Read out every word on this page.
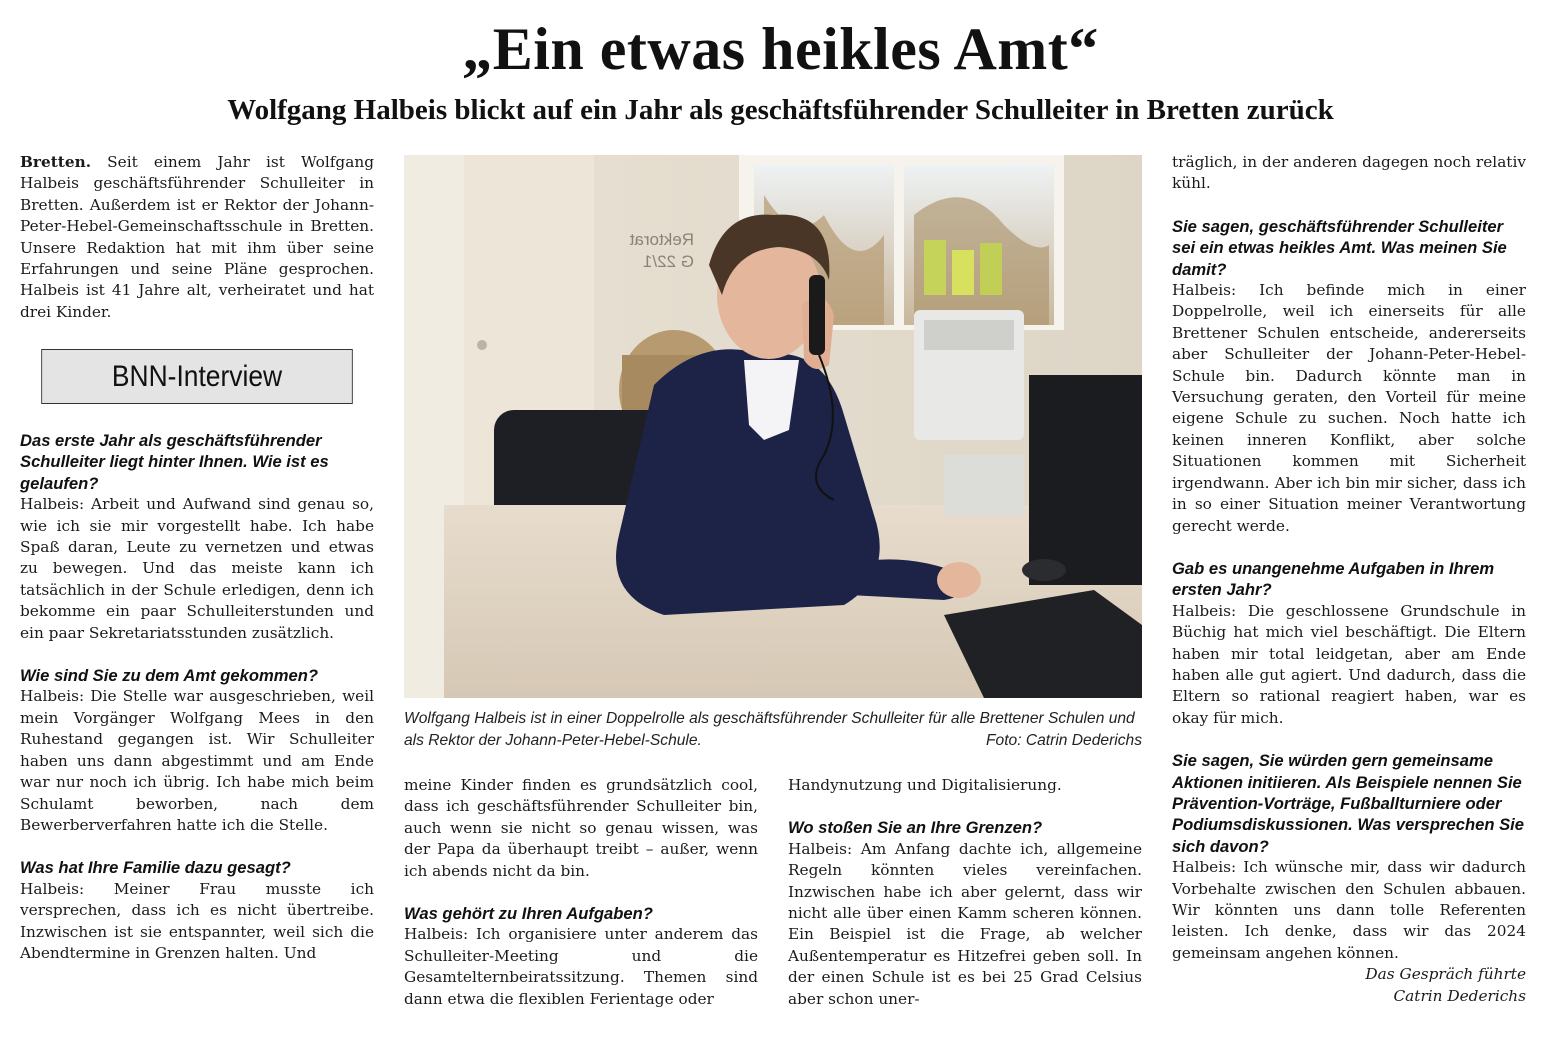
„Ein etwas heikles Amt“
Wolfgang Halbeis blickt auf ein Jahr als geschäftsführender Schulleiter in Bretten zurück

Bretten. Seit einem Jahr ist Wolfgang Halbeis geschäftsführender Schulleiter in Bretten. Außerdem ist er Rektor der Johann-Peter-Hebel-Gemeinschaftsschule in Bretten. Unsere Redaktion hat mit ihm über seine Erfahrungen und seine Pläne gesprochen. Halbeis ist 41 Jahre alt, verheiratet und hat drei Kinder.

BNN-Interview

Das erste Jahr als geschäftsführender Schulleiter liegt hinter Ihnen. Wie ist es gelaufen?

Halbeis: Arbeit und Aufwand sind genau so, wie ich sie mir vorgestellt habe. Ich habe Spaß daran, Leute zu vernetzen und etwas zu bewegen. Und das meiste kann ich tatsächlich in der Schule erledigen, denn ich bekomme ein paar Schulleiterstunden und ein paar Sekretariatsstunden zusätzlich.

Wie sind Sie zu dem Amt gekommen?

Halbeis: Die Stelle war ausgeschrieben, weil mein Vorgänger Wolfgang Mees in den Ruhestand gegangen ist. Wir Schulleiter haben uns dann abgestimmt und am Ende war nur noch ich übrig. Ich habe mich beim Schulamt beworben, nach dem Bewerberverfahren hatte ich die Stelle.

Was hat Ihre Familie dazu gesagt?

Halbeis: Meiner Frau musste ich versprechen, dass ich es nicht übertreibe. Inzwischen ist sie entspannter, weil sich die Abendtermine in Grenzen halten. Und

Rektorat
G 22/1
Wolfgang Halbeis ist in einer Doppelrolle als geschäftsführender Schulleiter für alle Brettener Schulen und als Rektor der Johann-Peter-Hebel-Schule.	Foto: Catrin Dederichs

meine Kinder finden es grundsätzlich cool, dass ich geschäftsführender Schulleiter bin, auch wenn sie nicht so genau wissen, was der Papa da überhaupt treibt – außer, wenn ich abends nicht da bin.

Was gehört zu Ihren Aufgaben?

Halbeis: Ich organisiere unter anderem das Schulleiter-Meeting und die Gesamtelternbeiratssitzung. Themen sind dann etwa die flexiblen Ferientage oder

Handynutzung und Digitalisierung.

Wo stoßen Sie an Ihre Grenzen?

Halbeis: Am Anfang dachte ich, allgemeine Regeln könnten vieles vereinfachen. Inzwischen habe ich aber gelernt, dass wir nicht alle über einen Kamm scheren können. Ein Beispiel ist die Frage, ab welcher Außentemperatur es Hitzefrei geben soll. In der einen Schule ist es bei 25 Grad Celsius aber schon uner-

träglich, in der anderen dagegen noch relativ kühl.

Sie sagen, geschäftsführender Schulleiter sei ein etwas heikles Amt. Was meinen Sie damit?

Halbeis: Ich befinde mich in einer Doppelrolle, weil ich einerseits für alle Brettener Schulen entscheide, andererseits aber Schulleiter der Johann-Peter-Hebel-Schule bin. Dadurch könnte man in Versuchung geraten, den Vorteil für meine eigene Schule zu suchen. Noch hatte ich keinen inneren Konflikt, aber solche Situationen kommen mit Sicherheit irgendwann. Aber ich bin mir sicher, dass ich in so einer Situation meiner Verantwortung gerecht werde.

Gab es unangenehme Aufgaben in Ihrem ersten Jahr?

Halbeis: Die geschlossene Grundschule in Büchig hat mich viel beschäftigt. Die Eltern haben mir total leidgetan, aber am Ende haben alle gut agiert. Und dadurch, dass die Eltern so rational reagiert haben, war es okay für mich.

Sie sagen, Sie würden gern gemeinsame Aktionen initiieren. Als Beispiele nennen Sie Prävention-Vorträge, Fußballturniere oder Podiumsdiskussionen. Was versprechen Sie sich davon?

Halbeis: Ich wünsche mir, dass wir dadurch Vorbehalte zwischen den Schulen abbauen. Wir könnten uns dann tolle Referenten leisten. Ich denke, dass wir das 2024 gemeinsam angehen können.

Das Gespräch führte

Catrin Dederichs
